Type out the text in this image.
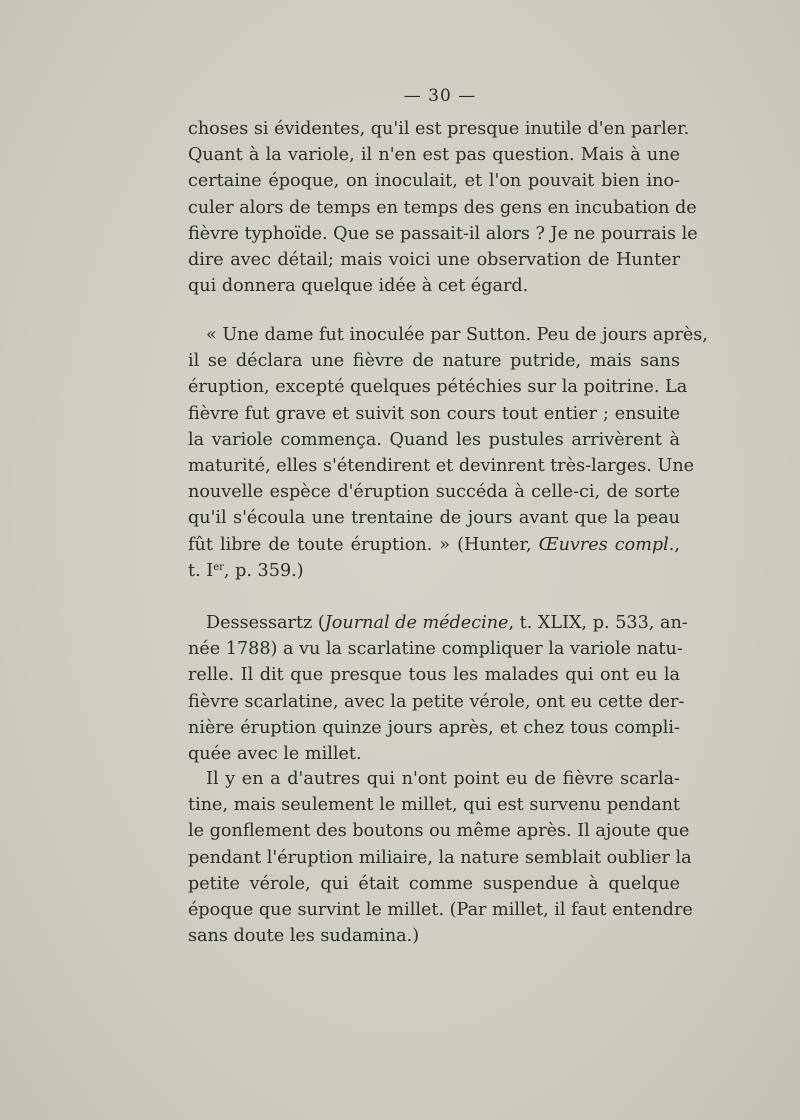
— 30 —
choses si évidentes, qu'il est presque inutile d'en parler.
Quant à la variole, il n'en est pas question. Mais à une
certaine époque, on inoculait, et l'on pouvait bien ino-
culer alors de temps en temps des gens en incubation de
fièvre typhoïde. Que se passait-il alors ? Je ne pourrais le
dire avec détail; mais voici une observation de Hunter
qui donnera quelque idée à cet égard.
« Une dame fut inoculée par Sutton. Peu de jours après,
il se déclara une fièvre de nature putride, mais sans
éruption, excepté quelques pétéchies sur la poitrine. La
fièvre fut grave et suivit son cours tout entier ; ensuite
la variole commença. Quand les pustules arrivèrent à
maturité, elles s'étendirent et devinrent très-larges. Une
nouvelle espèce d'éruption succéda à celle-ci, de sorte
qu'il s'écoula une trentaine de jours avant que la peau
fût libre de toute éruption. » (Hunter, Œuvres compl.,
t. Ier, p. 359.)
Dessessartz (Journal de médecine, t. XLIX, p. 533, an-
née 1788) a vu la scarlatine compliquer la variole natu-
relle. Il dit que presque tous les malades qui ont eu la
fièvre scarlatine, avec la petite vérole, ont eu cette der-
nière éruption quinze jours après, et chez tous compli-
quée avec le millet.
Il y en a d'autres qui n'ont point eu de fièvre scarla-
tine, mais seulement le millet, qui est survenu pendant
le gonflement des boutons ou même après. Il ajoute que
pendant l'éruption miliaire, la nature semblait oublier la
petite vérole, qui était comme suspendue à quelque
époque que survint le millet. (Par millet, il faut entendre
sans doute les sudamina.)
